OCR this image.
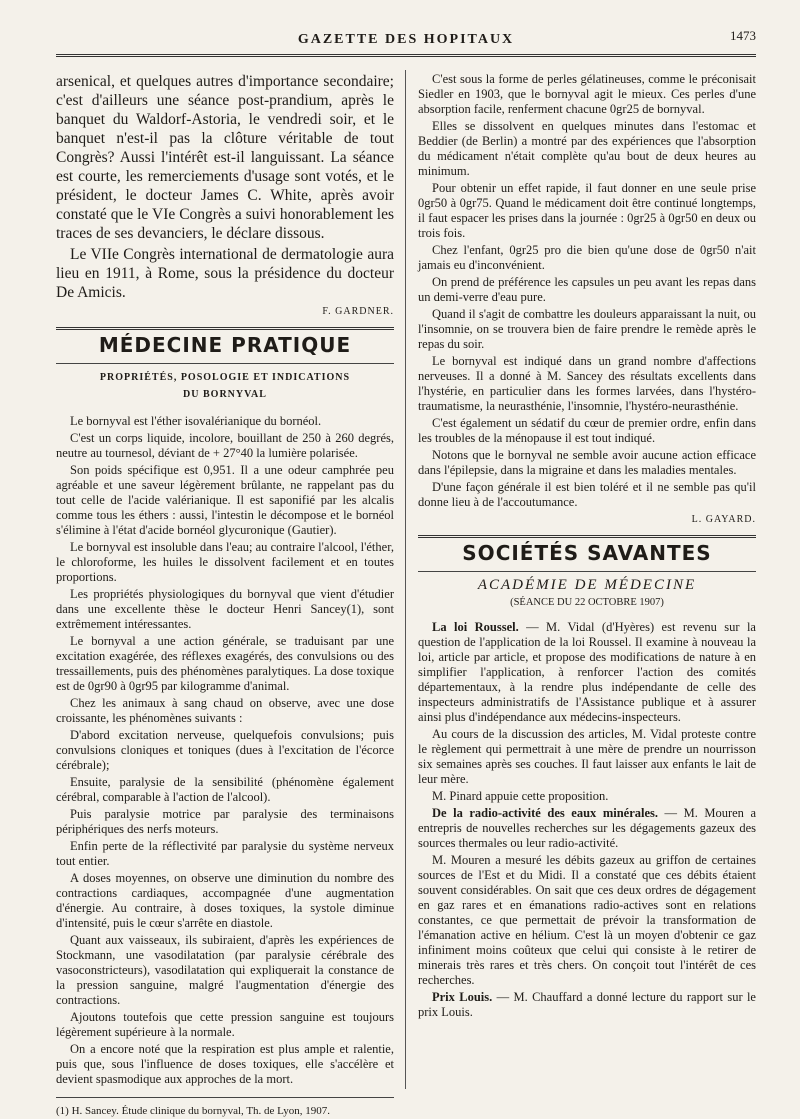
GAZETTE DES HOPITAUX	1473

arsenical, et quelques autres d'importance secondaire; c'est d'ailleurs une séance post-prandium, après le banquet du Waldorf-Astoria, le vendredi soir, et le banquet n'est-il pas la clôture véritable de tout Congrès? Aussi l'intérêt est-il languissant. La séance est courte, les remerciements d'usage sont votés, et le président, le docteur James C. White, après avoir constaté que le VIe Congrès a suivi honorablement les traces de ses devanciers, le déclare dissous.

Le VIIe Congrès international de dermatologie aura lieu en 1911, à Rome, sous la présidence du docteur De Amicis.

F. GARDNER.
MÉDECINE PRATIQUE
PROPRIÉTÉS, POSOLOGIE ET INDICATIONS
DU BORNYVAL

Le bornyval est l'éther isovalérianique du bornéol.

C'est un corps liquide, incolore, bouillant de 250 à 260 degrés, neutre au tournesol, déviant de + 27°40 la lumière polarisée.

Son poids spécifique est 0,951. Il a une odeur camphrée peu agréable et une saveur légèrement brûlante, ne rappelant pas du tout celle de l'acide valérianique. Il est saponifié par les alcalis comme tous les éthers : aussi, l'intestin le décompose et le bornéol s'élimine à l'état d'acide bornéol glycuronique (Gautier).

Le bornyval est insoluble dans l'eau; au contraire l'alcool, l'éther, le chloroforme, les huiles le dissolvent facilement et en toutes proportions.

Les propriétés physiologiques du bornyval que vient d'étudier dans une excellente thèse le docteur Henri Sancey(1), sont extrêmement intéressantes.

Le bornyval a une action générale, se traduisant par une excitation exagérée, des réflexes exagérés, des convulsions ou des tressaillements, puis des phénomènes paralytiques. La dose toxique est de 0gr90 à 0gr95 par kilogramme d'animal.

Chez les animaux à sang chaud on observe, avec une dose croissante, les phénomènes suivants :

D'abord excitation nerveuse, quelquefois convulsions; puis convulsions cloniques et toniques (dues à l'excitation de l'écorce cérébrale);

Ensuite, paralysie de la sensibilité (phénomène également cérébral, comparable à l'action de l'alcool).

Puis paralysie motrice par paralysie des terminaisons périphériques des nerfs moteurs.

Enfin perte de la réflectivité par paralysie du système nerveux tout entier.

A doses moyennes, on observe une diminution du nombre des contractions cardiaques, accompagnée d'une augmentation d'énergie. Au contraire, à doses toxiques, la systole diminue d'intensité, puis le cœur s'arrête en diastole.

Quant aux vaisseaux, ils subiraient, d'après les expériences de Stockmann, une vasodilatation (par paralysie cérébrale des vasoconstricteurs), vasodilatation qui expliquerait la constance de la pression sanguine, malgré l'augmentation d'énergie des contractions.

Ajoutons toutefois que cette pression sanguine est toujours légèrement supérieure à la normale.

On a encore noté que la respiration est plus ample et ralentie, puis que, sous l'influence de doses toxiques, elle s'accélère et devient spasmodique aux approches de la mort.

(1) H. Sancey. Étude clinique du bornyval, Th. de Lyon, 1907.

C'est sous la forme de perles gélatineuses, comme le préconisait Siedler en 1903, que le bornyval agit le mieux. Ces perles d'une absorption facile, renferment chacune 0gr25 de bornyval.

Elles se dissolvent en quelques minutes dans l'estomac et Beddier (de Berlin) a montré par des expériences que l'absorption du médicament n'était complète qu'au bout de deux heures au minimum.

Pour obtenir un effet rapide, il faut donner en une seule prise 0gr50 à 0gr75. Quand le médicament doit être continué longtemps, il faut espacer les prises dans la journée : 0gr25 à 0gr50 en deux ou trois fois.

Chez l'enfant, 0gr25 pro die bien qu'une dose de 0gr50 n'ait jamais eu d'inconvénient.

On prend de préférence les capsules un peu avant les repas dans un demi-verre d'eau pure.

Quand il s'agit de combattre les douleurs apparaissant la nuit, ou l'insomnie, on se trouvera bien de faire prendre le remède après le repas du soir.

Le bornyval est indiqué dans un grand nombre d'affections nerveuses. Il a donné à M. Sancey des résultats excellents dans l'hystérie, en particulier dans les formes larvées, dans l'hystéro-traumatisme, la neurasthénie, l'insomnie, l'hystéro-neurasthénie.

C'est également un sédatif du cœur de premier ordre, enfin dans les troubles de la ménopause il est tout indiqué.

Notons que le bornyval ne semble avoir aucune action efficace dans l'épilepsie, dans la migraine et dans les maladies mentales.

D'une façon générale il est bien toléré et il ne semble pas qu'il donne lieu à de l'accoutumance.

L. GAYARD.
SOCIÉTÉS SAVANTES
ACADÉMIE DE MÉDECINE
(SÉANCE DU 22 OCTOBRE 1907)

La loi Roussel. — M. Vidal (d'Hyères) est revenu sur la question de l'application de la loi Roussel. Il examine à nouveau la loi, article par article, et propose des modifications de nature à en simplifier l'application, à renforcer l'action des comités départementaux, à la rendre plus indépendante de celle des inspecteurs administratifs de l'Assistance publique et à assurer ainsi plus d'indépendance aux médecins-inspecteurs.

Au cours de la discussion des articles, M. Vidal proteste contre le règlement qui permettrait à une mère de prendre un nourrisson six semaines après ses couches. Il faut laisser aux enfants le lait de leur mère.

M. Pinard appuie cette proposition.

De la radio-activité des eaux minérales. — M. Mouren a entrepris de nouvelles recherches sur les dégagements gazeux des sources thermales ou leur radio-activité.

M. Mouren a mesuré les débits gazeux au griffon de certaines sources de l'Est et du Midi. Il a constaté que ces débits étaient souvent considérables. On sait que ces deux ordres de dégagement en gaz rares et en émanations radio-actives sont en relations constantes, ce que permettait de prévoir la transformation de l'émanation active en hélium. C'est là un moyen d'obtenir ce gaz infiniment moins coûteux que celui qui consiste à le retirer de minerais très rares et très chers. On conçoit tout l'intérêt de ces recherches.

Prix Louis. — M. Chauffard a donné lecture du rapport sur le prix Louis.
